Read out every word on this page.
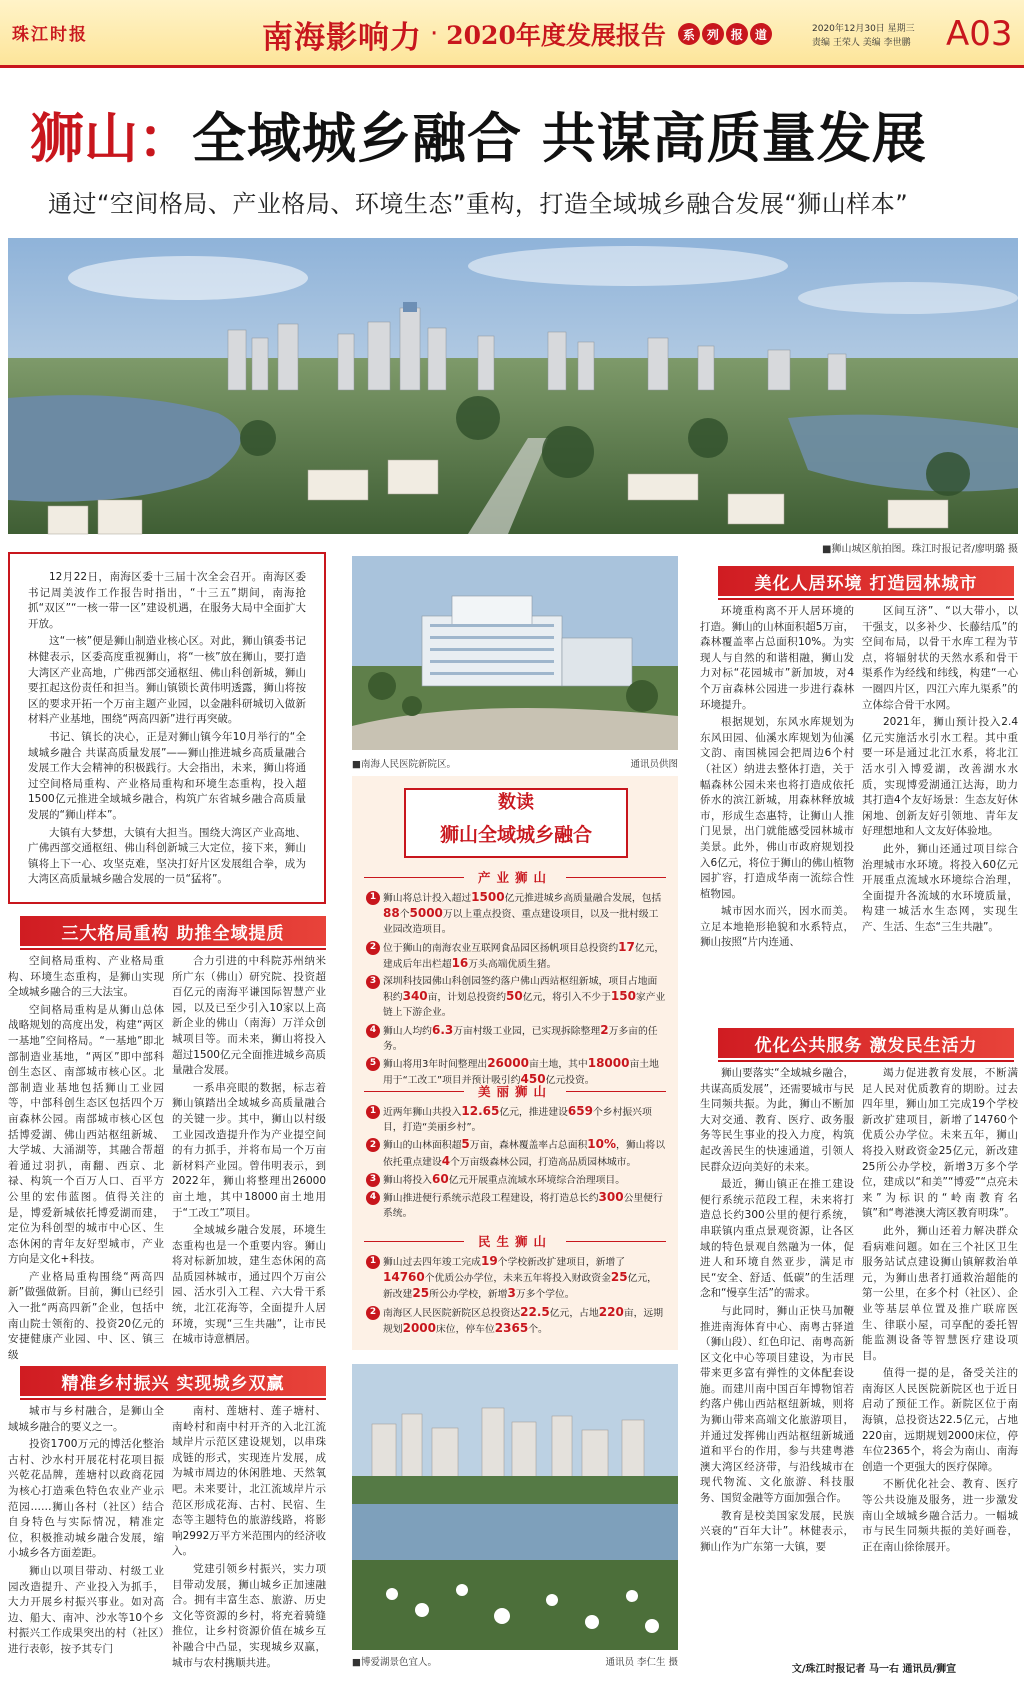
珠江时报	南海影响力 · 2020年度发展报告	系 列 报 道	2020年12月30日 星期三
责编 王荣人 美编 李世鹏 A03
狮山： 全域城乡融合 共谋高质量发展
通过“空间格局、产业格局、环境生态”重构，打造全域城乡融合发展“狮山样本”
■狮山城区航拍图。珠江时报记者/廖明璐 摄

12月22日，南海区委十三届十次全会召开。南海区委书记周美波作工作报告时指出，“十三五”期间，南海抢抓“双区”“一核一带一区”建设机遇，在服务大局中全面扩大开放。

这“一核”便是狮山制造业核心区。对此，狮山镇委书记林健表示，区委高度重视狮山，将“一核”放在狮山，要打造大湾区产业高地，广佛西部交通枢纽、佛山科创新城，狮山要扛起这份责任和担当。狮山镇锁长黄伟明透露，狮山将按区的要求开拓一个万亩主题产业园，以金融科研城切入做新材料产业基地，围绕“两高四新”进行再突破。

书记、镇长的决心，正是对狮山镇今年10月举行的“全域城乡融合 共谋高质量发展”——狮山推进城乡高质量融合发展工作大会精神的积极践行。大会指出，未来，狮山将通过空间格局重构、产业格局重构和环境生态重构，投入超1500亿元推进全域城乡融合，构筑广东省城乡融合高质量发展的“狮山样本”。

大镇有大梦想，大镇有大担当。围绕大湾区产业高地、广佛西部交通枢纽、佛山科创新城三大定位，接下来，狮山镇将上下一心、攻坚克难，坚决打好片区发展组合拳，成为大湾区高质量城乡融合发展的一员“猛将”。

三大格局重构 助推全域提质

空间格局重构、产业格局重构、环境生态重构，是狮山实现全域城乡融合的三大法宝。

空间格局重构是从狮山总体战略规划的高度出发，构建“两区一基地”空间格局。“一基地”即北部制造业基地，“两区”即中部科创生态区、南部城市核心区。北部制造业基地包括狮山工业园等，中部科创生态区包括四个万亩森林公园。南部城市核心区包括博爱湖、佛山西站枢纽新城、大学城、大涌湖等，其融合帮超着通过羽扒，南翻、西京、北禄、构筑一个百万人口、百平方公里的宏伟蓝图。值得关注的是，博爱新城依托博爱湖而建，定位为科创型的城市中心区、生态休闲的青年友好型城市，产业方向是文化+科技。

产业格局重构围绕“两高四新”做强做新。目前，狮山已经引入一批“两高四新”企业，包括中南山院士领衔的、投资20亿元的安捷健康产业园、中、区、镇三级

合力引进的中科院苏州纳米所广东（佛山）研究院、投资超百亿元的南海平谦国际智慧产业园，以及已至少引入10家以上高新企业的佛山（南海）万洋众创城项目等。而未来，狮山将投入超过1500亿元全面推进城乡高质量融合发展。

一系串亮眼的数据，标志着狮山镇踏出全域城乡高质量融合的关键一步。其中，狮山以村级工业园改造提升作为产业提空间的有力抓手，并将布局一个万亩新材料产业园。曾伟明表示，到2022年，狮山将整理出26000亩土地，其中18000亩土地用于“工改工”项目。

全域城乡融合发展，环境生态重构也是一个重要内容。狮山将对标新加坡，建生态休闲的高品质园林城市，通过四个万亩公园、活水引入工程、六大骨干系统，北江花海等，全面提升人居环境，实现“三生共融”，让市民在城市诗意栖居。

精准乡村振兴 实现城乡双赢

城市与乡村融合，是狮山全域城乡融合的要义之一。

投资1700万元的博活化整治古村、沙水村开展花村花项目振兴乾花品牌，莲塘村以政商花园为核心打造乘色特色农业产业示范园……狮山各村（社区）结合自身特色与实际情况，精准定位，积极推动城乡融合发展，缩小城乡各方面差距。

狮山以项目带动、村级工业园改造提升、产业投入为抓手，大力开展乡村振兴事业。如对高边、船大、南冲、沙水等10个乡村振兴工作成果突出的村（社区）进行表彰，按予其专门

南村、莲塘村、莲子塘村、南岭村和南中村开齐的入北江流域岸片示范区建设规划，以串珠成链的形式，实现连片发展，成为城市周边的休闲胜地、天然氧吧。未来要计，北江流域岸片示范区形成花海、古村、民宿、生态等主题特色的旅游线路，将影响2992万平方米范围内的经济收入。

党建引领乡村振兴，实力项目带动发展，狮山城乡正加速融合。拥有丰富生态、旅游、历史文化等资源的乡村，将充着骑缝推位，让乡村资源价值在城乡互补融合中凸显，实现城乡双赢，城市与农村携顺共进。

■南海人民医院新院区。	通讯员供图
数读
狮山全域城乡融合
产业狮山
1 狮山将总计投入超过1500亿元推进城乡高质量融合发展，包括88个5000万以上重点投资、重点建设项目，以及一批村级工业园改造项目。
2 位于狮山的南海农业互联网食品园区扬帆项目总投资约17亿元，建成后年出栏超16万头高端优质生猪。
3 深圳科技园佛山科创园签约落户佛山西站枢纽新城，项目占地面积约340亩，计划总投资约50亿元，将引入不少于150家产业链上下游企业。
4 狮山人均约6.3万亩村级工业园，已实现拆除整理2万多亩的任务。
5 狮山将用3年时间整理出26000亩土地，其中18000亩土地用于“工改工”项目并预计吸引约450亿元投资。
美丽狮山
1 近两年狮山共投入12.65亿元，推进建设659个乡村振兴项目，打造“美丽乡村”。
2 狮山的山林面积超5万亩，森林覆盖率占总面积10%，狮山将以依托重点建设4个万亩级森林公园，打造高品质园林城市。
3 狮山将投入60亿元开展重点流域水环境综合治理项目。
4 狮山推进便行系统示范段工程建设，将打造总长约300公里便行系统。
民生狮山
1 狮山过去四年竣工完成19个学校新改扩建项目，新增了14760个优质公办学位，未来五年将投入财政资金25亿元，新改建25所公办学校，新增3万多个学位。
2 南海区人民医院新院区总投资达22.5亿元，占地220亩，远期规划2000床位，停车位2365个。
■博爱湖景色宜人。	通讯员 李仁生 摄
美化人居环境 打造园林城市

环境重构离不开人居环境的打造。狮山的山林面积超5万亩，森林覆盖率占总面积10%。为实现人与自然的和谐相融，狮山发力对标“花园城市”新加坡，对4个万亩森林公园进一步进行森林环境提升。

根据规划，东风水库规划为东风田园、仙溪水库规划为仙溪文韵、南国桃园会把周边6个村（社区）纳进去整体打造，关于幅森林公园未来也将打造成依托侨水的滨江新城，用森林释放城市，形成生态惠特，让狮山人推门见景，出门就能感受园林城市美景。此外，佛山市政府规划投入6亿元，将位于狮山的佛山植物园扩容，打造成华南一流综合性植物园。

城市因水而兴，因水而美。立足本地艳形艳貌和水系特点，狮山按照“片内连通、

区间互济”、“以大带小，以干强支，以多补少、长藤结瓜”的空间布局，以骨干水库工程为节点，将辐射状的天然水系和骨干渠系作为经线和纬线，构建“一心一圈四片区，四江六库九渠系”的立体综合骨干水网。

2021年，狮山预计投入2.4亿元实施活水引水工程。其中重要一环是通过北江水系，将北江活水引入博爱湖，改善湖水水质，实现博爱湖通江达海，助力其打造4个友好场景：生态友好休闲地、创新友好引领地、青年友好理想地和人文友好体验地。

此外，狮山还通过项目综合治理城市水环境。将投入60亿元开展重点流域水环境综合治理，全面提升各流域的水环境质量，构建一城活水生态网，实现生产、生活、生态“三生共融”。

优化公共服务 激发民生活力

狮山要落实“全域城乡融合，共谋高质发展”，还需要城市与民生同频共振。为此，狮山不断加大对交通、教育、医疗、政务服务等民生事业的投入力度，构筑起改善民生的快速通道，引领人民群众迈向美好的未来。

最近，狮山镇正在推工建设便行系统示范段工程，未来将打造总长约300公里的便行系统，串联镇内重点景观资源，让各区域的特色景观自然融为一体，促进人和环境自然亚步，满足市民“安全、舒适、低碳”的生活理念和“慢享生活”的需求。

与此同时，狮山正快马加鞭推进南海体育中心、南粤古驿道（狮山段）、红色印记、南粤高新区文化中心等项目建设，为市民带来更多富有弹性的文体配套设施。而建川南中国百年博物馆若约落户佛山西站枢纽新城，则将为狮山带来高端文化旅游项目，并通过发挥佛山西站枢纽新城通道和平台的作用，参与共建粤港澳大湾区经济带，与沿线城市在现代物流、文化旅游、科技服务、国贸金融等方面加强合作。

教育是校美国家发展，民族兴衰的“百年大计”。林健表示，狮山作为广东第一大镇，要

竭力促进教育发展，不断满足人民对优质教育的期盼。过去四年里，狮山加工完成19个学校新改扩建项目，新增了14760个优质公办学位。未来五年，狮山将投入财政资金25亿元，新改建25所公办学校，新增3万多个学位，建成以“和美”“博爱”“点亮未来”为标识的“岭南教育名镇”和“粤港澳大湾区教育明珠”。

此外，狮山还着力解决群众看病难问题。如在三个社区卫生服务站试点建设狮山镇解救治单元，为狮山患者打通救治超能的第一公里，在多个村（社区）、企业等基层单位置及推广联席医生、律联小屋，司享配的委托智能监测设备等智慧医疗建设项目。

值得一提的是，备受关注的南海区人民医院新院区也于近日启动了预征工作。新院区位于南海镇，总投资达22.5亿元，占地220亩，远期规划2000床位，停车位2365个，将会为南山、南海创造一个更强大的医疗保障。

不断优化社会、教育、医疗等公共设施及服务，进一步激发南山全域城乡融合活力。一幅城市与民生同频共振的美好画卷，正在南山徐徐展开。

文/珠江时报记者 马一右 通讯员/狮宣
